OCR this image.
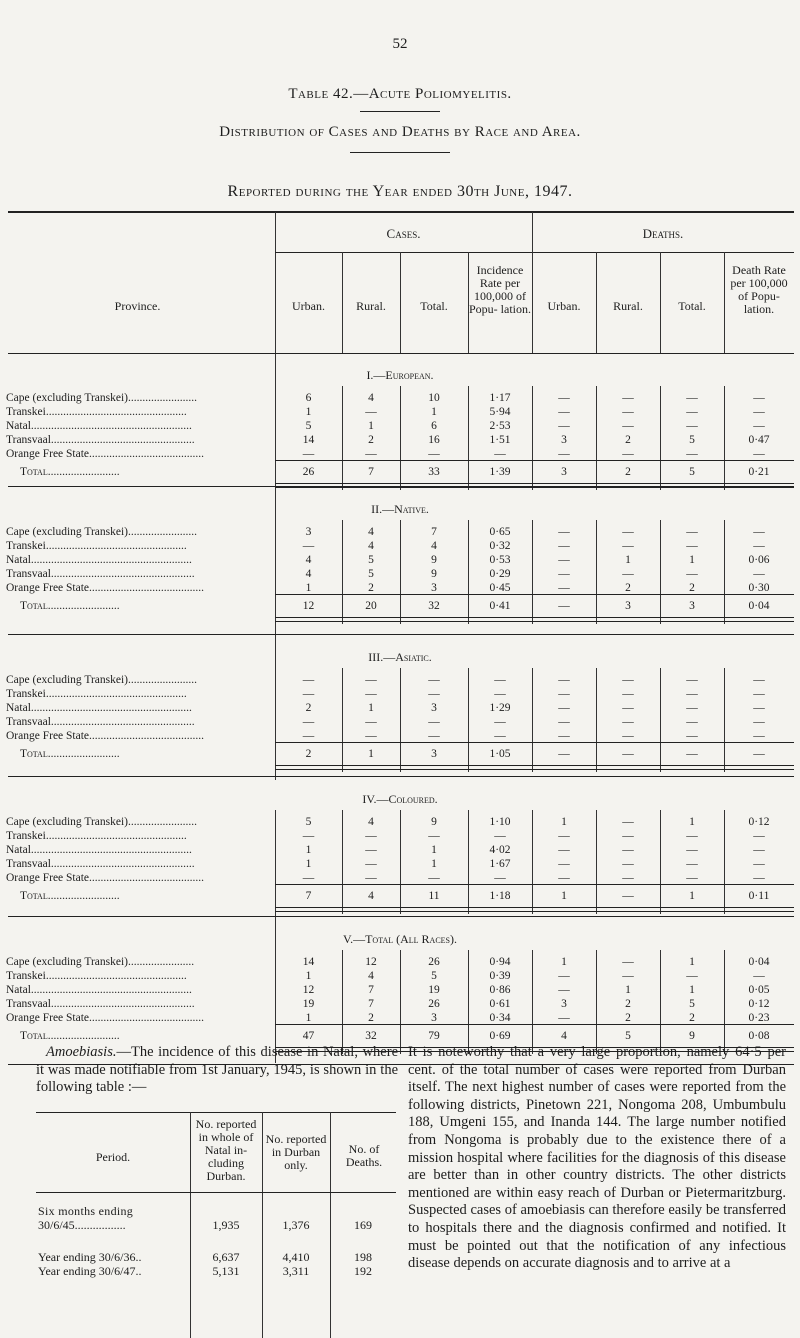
52
Table 42.—Acute Poliomyelitis.
Distribution of Cases and Deaths by Race and Area.
Reported during the Year ended 30th June, 1947.
Province.
Cases.	Deaths.
Urban.	Rural.	Total.
Incidence Rate per 100,000 of Popu- lation.	Urban.	Rural.	Total.
Death Rate per 100,000 of Popu- lation.
I.—European.
Cape (excluding Transkei)........................	6	4	10	1·17	—	—	—	—
Transkei.................................................	1	—	1	5·94	—	—	—	—
Natal........................................................	5	1	6	2·53	—	—	—	—
Transvaal..................................................	14	2	16	1·51	3	2	5	0·47
Orange Free State........................................	—	—	—	—	—	—	—	—
Total.........................	26	7	33	1·39	3	2	5	0·21
II.—Native.
Cape (excluding Transkei)........................	3	4	7	0·65	—	—	—	—
Transkei.................................................	—	4	4	0·32	—	—	—	—
Natal........................................................	4	5	9	0·53	—	1	1	0·06
Transvaal..................................................	4	5	9	0·29	—	—	—	—
Orange Free State........................................	1	2	3	0·45	—	2	2	0·30
Total.........................	12	20	32	0·41	—	3	3	0·04
III.—Asiatic.
Cape (excluding Transkei)........................	—	—	—	—	—	—	—	—
Transkei.................................................	—	—	—	—	—	—	—	—
Natal........................................................	2	1	3	1·29	—	—	—	—
Transvaal..................................................	—	—	—	—	—	—	—	—
Orange Free State........................................	—	—	—	—	—	—	—	—
Total.........................	2	1	3	1·05	—	—	—	—
IV.—Coloured.
Cape (excluding Transkei)........................	5	4	9	1·10	1	—	1	0·12
Transkei.................................................	—	—	—	—	—	—	—	—
Natal........................................................	1	—	1	4·02	—	—	—	—
Transvaal..................................................	1	—	1	1·67	—	—	—	—
Orange Free State........................................	—	—	—	—	—	—	—	—
Total.........................	7	4	11	1·18	1	—	1	0·11
V.—Total (All Races).
Cape (excluding Transkei).......................	14	12	26	0·94	1	—	1	0·04
Transkei.................................................	1	4	5	0·39	—	—	—	—
Natal........................................................	12	7	19	0·86	—	1	1	0·05
Transvaal..................................................	19	7	26	0·61	3	2	5	0·12
Orange Free State........................................	1	2	3	0·34	—	2	2	0·23
Total.........................	47	32	79	0·69	4	5	9	0·08
Amoebiasis.—The incidence of this disease in Natal, where it was made notifiable from 1st January, 1945, is shown in the following table :—
Period.
No. reported in whole of Natal in- cluding Durban.
No. reported in Durban only.
No. of Deaths.
Six months ending
30/6/45.................	1,935	1,376	169
Year ending 30/6/36..	6,637	4,410	198
Year ending 30/6/47..	5,131	3,311	192
It is noteworthy that a very large proportion, namely 64·5 per cent. of the total number of cases were reported from Durban itself. The next highest number of cases were reported from the following districts, Pinetown 221, Nongoma 208, Umbumbulu 188, Umgeni 155, and Inanda 144. The large number notified from Nongoma is probably due to the existence there of a mission hospital where facilities for the diagnosis of this disease are better than in other country districts. The other districts mentioned are within easy reach of Durban or Pietermaritzburg. Suspected cases of amoebiasis can therefore easily be transferred to hospitals there and the diagnosis confirmed and notified. It must be pointed out that the notification of any infectious disease depends on accurate diagnosis and to arrive at a
